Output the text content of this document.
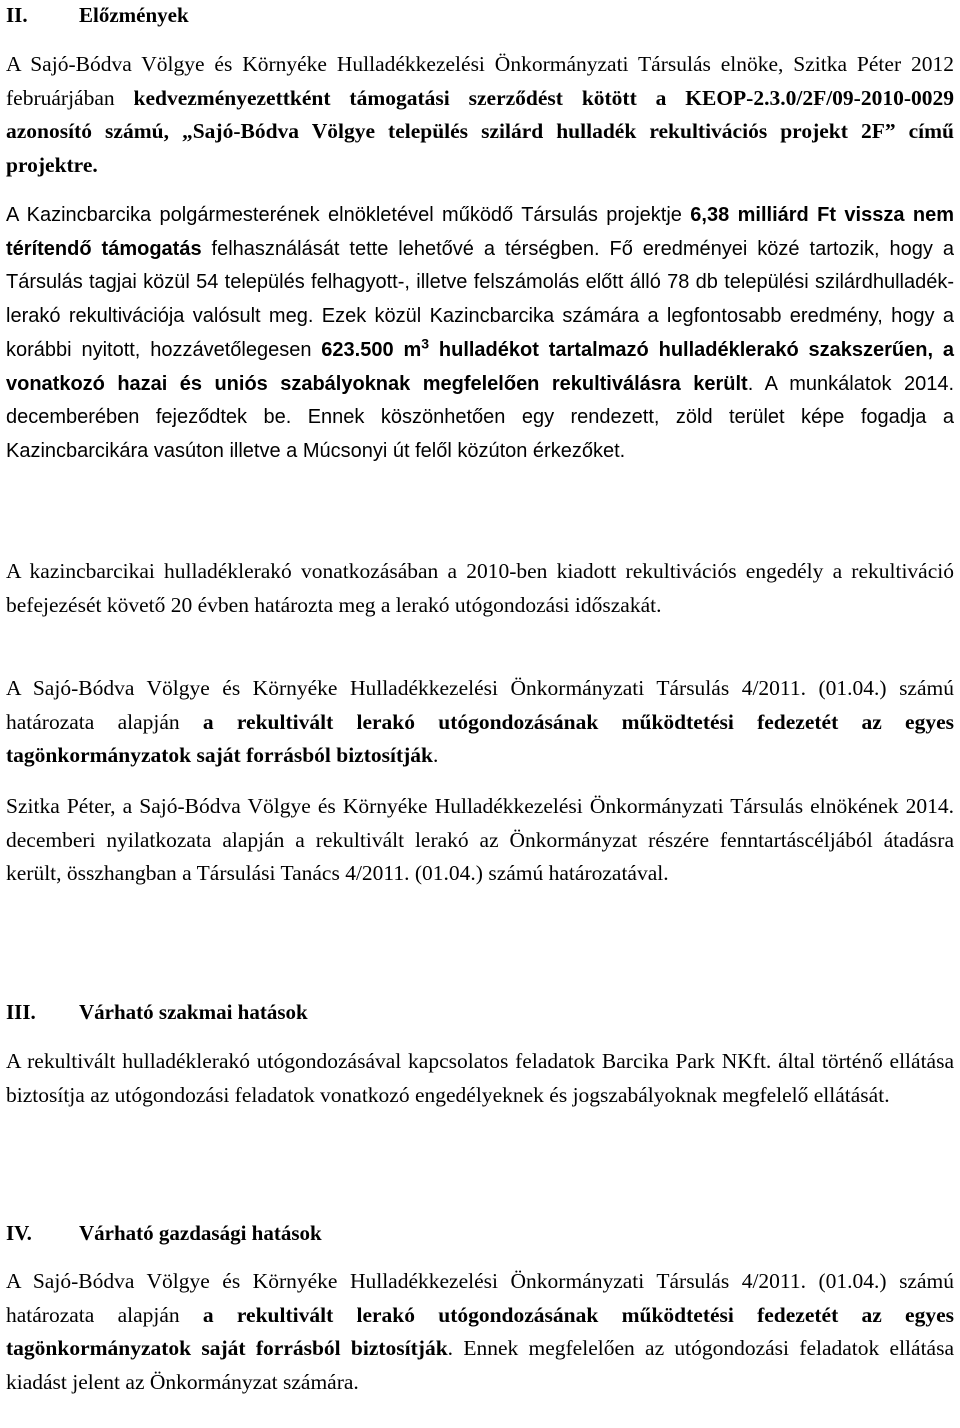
II.	Előzmények

A Sajó-Bódva Völgye és Környéke Hulladékkezelési Önkormányzati Társulás elnöke, Szitka Péter 2012 februárjában kedvezményezettként támogatási szerződést kötött a KEOP-2.3.0/2F/09-2010-0029 azonosító számú, „Sajó-Bódva Völgye település szilárd hulladék rekultivációs projekt 2F” című projektre.

A Kazincbarcika polgármesterének elnökletével működő Társulás projektje 6,38 milliárd Ft vissza nem térítendő támogatás felhasználását tette lehetővé a térségben. Fő eredményei közé tartozik, hogy a Társulás tagjai közül 54 település felhagyott-, illetve felszámolás előtt álló 78 db települési szilárdhulladék-lerakó rekultivációja valósult meg. Ezek közül Kazincbarcika számára a legfontosabb eredmény, hogy a korábbi nyitott, hozzávetőlegesen 623.500 $m^3$ hulladékot tartalmazó hulladéklerakó szakszerűen, a vonatkozó hazai és uniós szabályoknak megfelelően rekultiválásra került. A munkálatok 2014. decemberében fejeződtek be. Ennek köszönhetően egy rendezett, zöld terület képe fogadja a Kazincbarcikára vasúton illetve a Múcsonyi út felől közúton érkezőket.

A kazincbarcikai hulladéklerakó vonatkozásában a 2010-ben kiadott rekultivációs engedély a rekultiváció befejezését követő 20 évben határozta meg a lerakó utógondozási időszakát.

A Sajó-Bódva Völgye és Környéke Hulladékkezelési Önkormányzati Társulás 4/2011. (01.04.) számú határozata alapján a rekultivált lerakó utógondozásának működtetési fedezetét az egyes tagönkormányzatok saját forrásból biztosítják.

Szitka Péter, a Sajó-Bódva Völgye és Környéke Hulladékkezelési Önkormányzati Társulás elnökének 2014. decemberi nyilatkozata alapján a rekultivált lerakó az Önkormányzat részére fenntartáscéljából átadásra került, összhangban a Társulási Tanács 4/2011. (01.04.) számú határozatával.

III.	Várható szakmai hatások

A rekultivált hulladéklerakó utógondozásával kapcsolatos feladatok Barcika Park NKft. által történő ellátása biztosítja az utógondozási feladatok vonatkozó engedélyeknek és jogszabályoknak megfelelő ellátását.

IV.	Várható gazdasági hatások

A Sajó-Bódva Völgye és Környéke Hulladékkezelési Önkormányzati Társulás 4/2011. (01.04.) számú határozata alapján a rekultivált lerakó utógondozásának működtetési fedezetét az egyes tagönkormányzatok saját forrásból biztosítják. Ennek megfelelően az utógondozási feladatok ellátása kiadást jelent az Önkormányzat számára.
